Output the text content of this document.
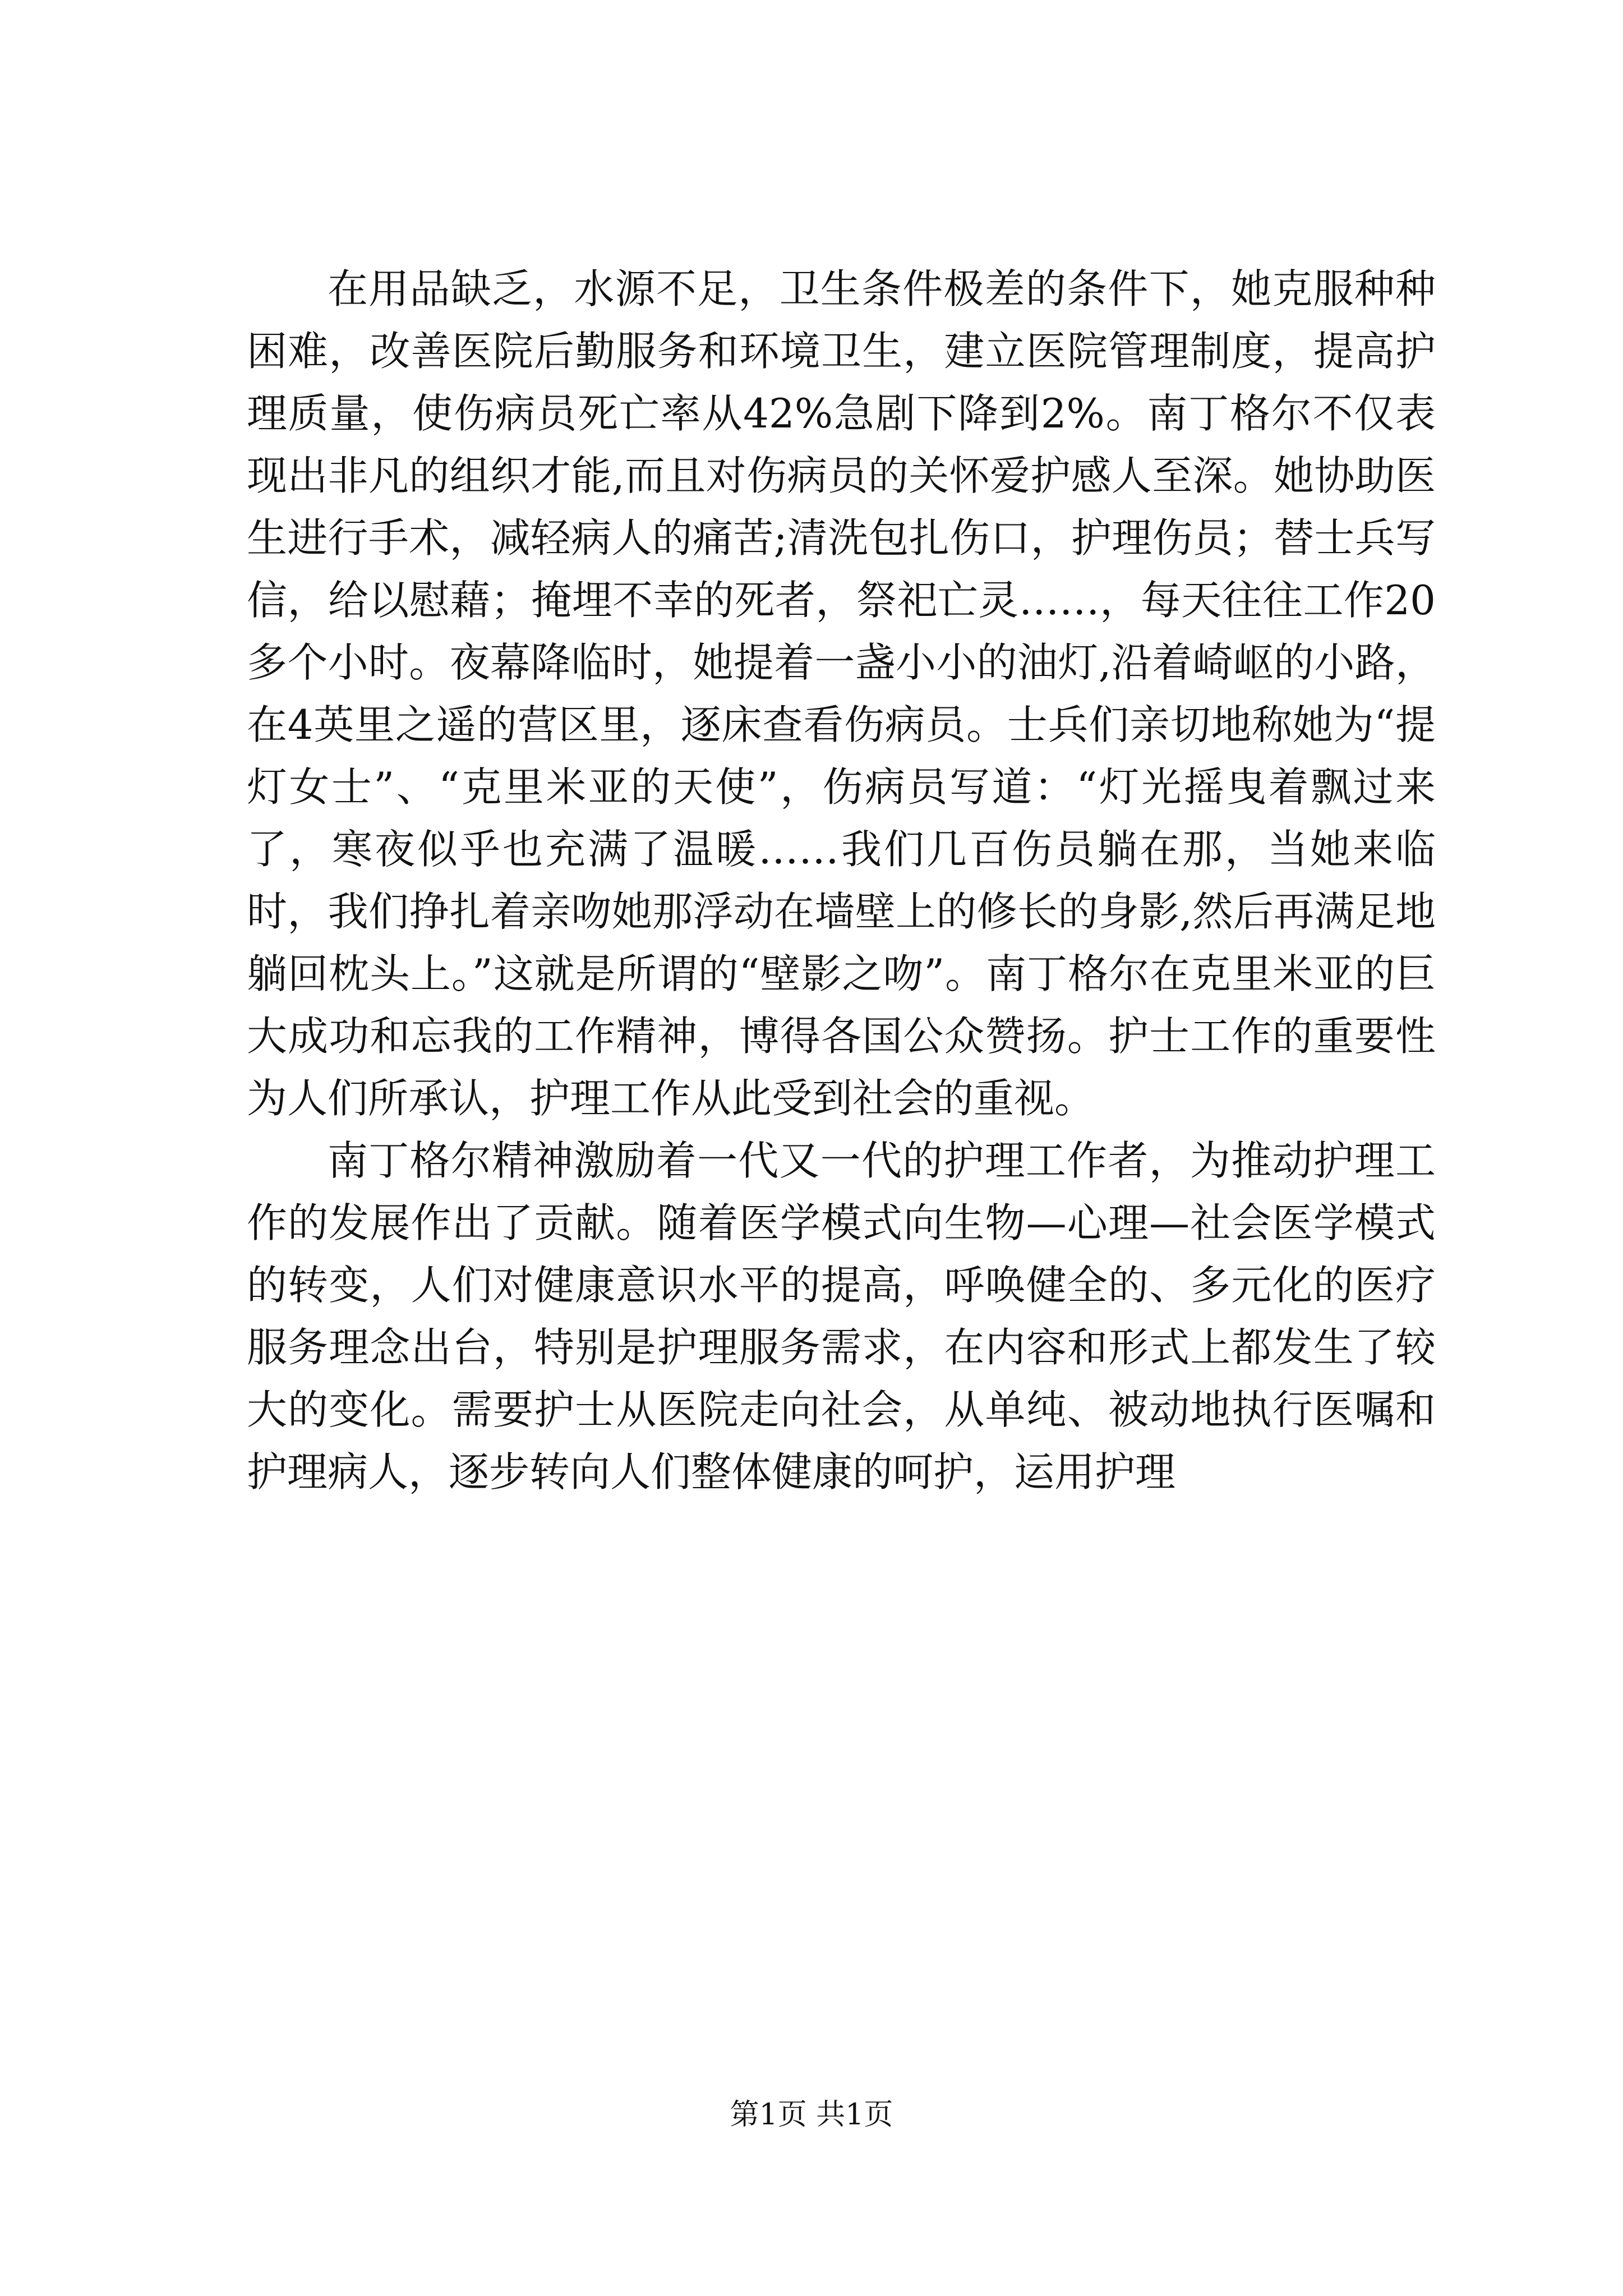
在用品缺乏，水源不足，卫生条件极差的条件下，她克服种种困难，改善医院后勤服务和环境卫生，建立医院管理制度，提高护理质量，使伤病员死亡率从42%急剧下降到2%。南丁格尔不仅表现出非凡的组织才能,而且对伤病员的关怀爱护感人至深。她协助医生进行手术，减轻病人的痛苦;清洗包扎伤口，护理伤员；替士兵写信，给以慰藉；掩埋不幸的死者，祭祀亡灵……，每天往往工作20多个小时。夜幕降临时，她提着一盏小小的油灯,沿着崎岖的小路，在4英里之遥的营区里，逐床查看伤病员。士兵们亲切地称她为“提灯女士”、“克里米亚的天使”，伤病员写道：“灯光摇曳着飘过来了，寒夜似乎也充满了温暖……我们几百伤员躺在那，当她来临时，我们挣扎着亲吻她那浮动在墙壁上的修长的身影,然后再满足地躺回枕头上。”这就是所谓的“壁影之吻”。南丁格尔在克里米亚的巨大成功和忘我的工作精神，博得各国公众赞扬。护士工作的重要性为人们所承认，护理工作从此受到社会的重视。

南丁格尔精神激励着一代又一代的护理工作者，为推动护理工作的发展作出了贡献。随着医学模式向生物—心理—社会医学模式的转变，人们对健康意识水平的提高，呼唤健全的、多元化的医疗服务理念出台，特别是护理服务需求，在内容和形式上都发生了较大的变化。需要护士从医院走向社会，从单纯、被动地执行医嘱和护理病人，逐步转向人们整体健康的呵护，运用护理

第1页 共1页
